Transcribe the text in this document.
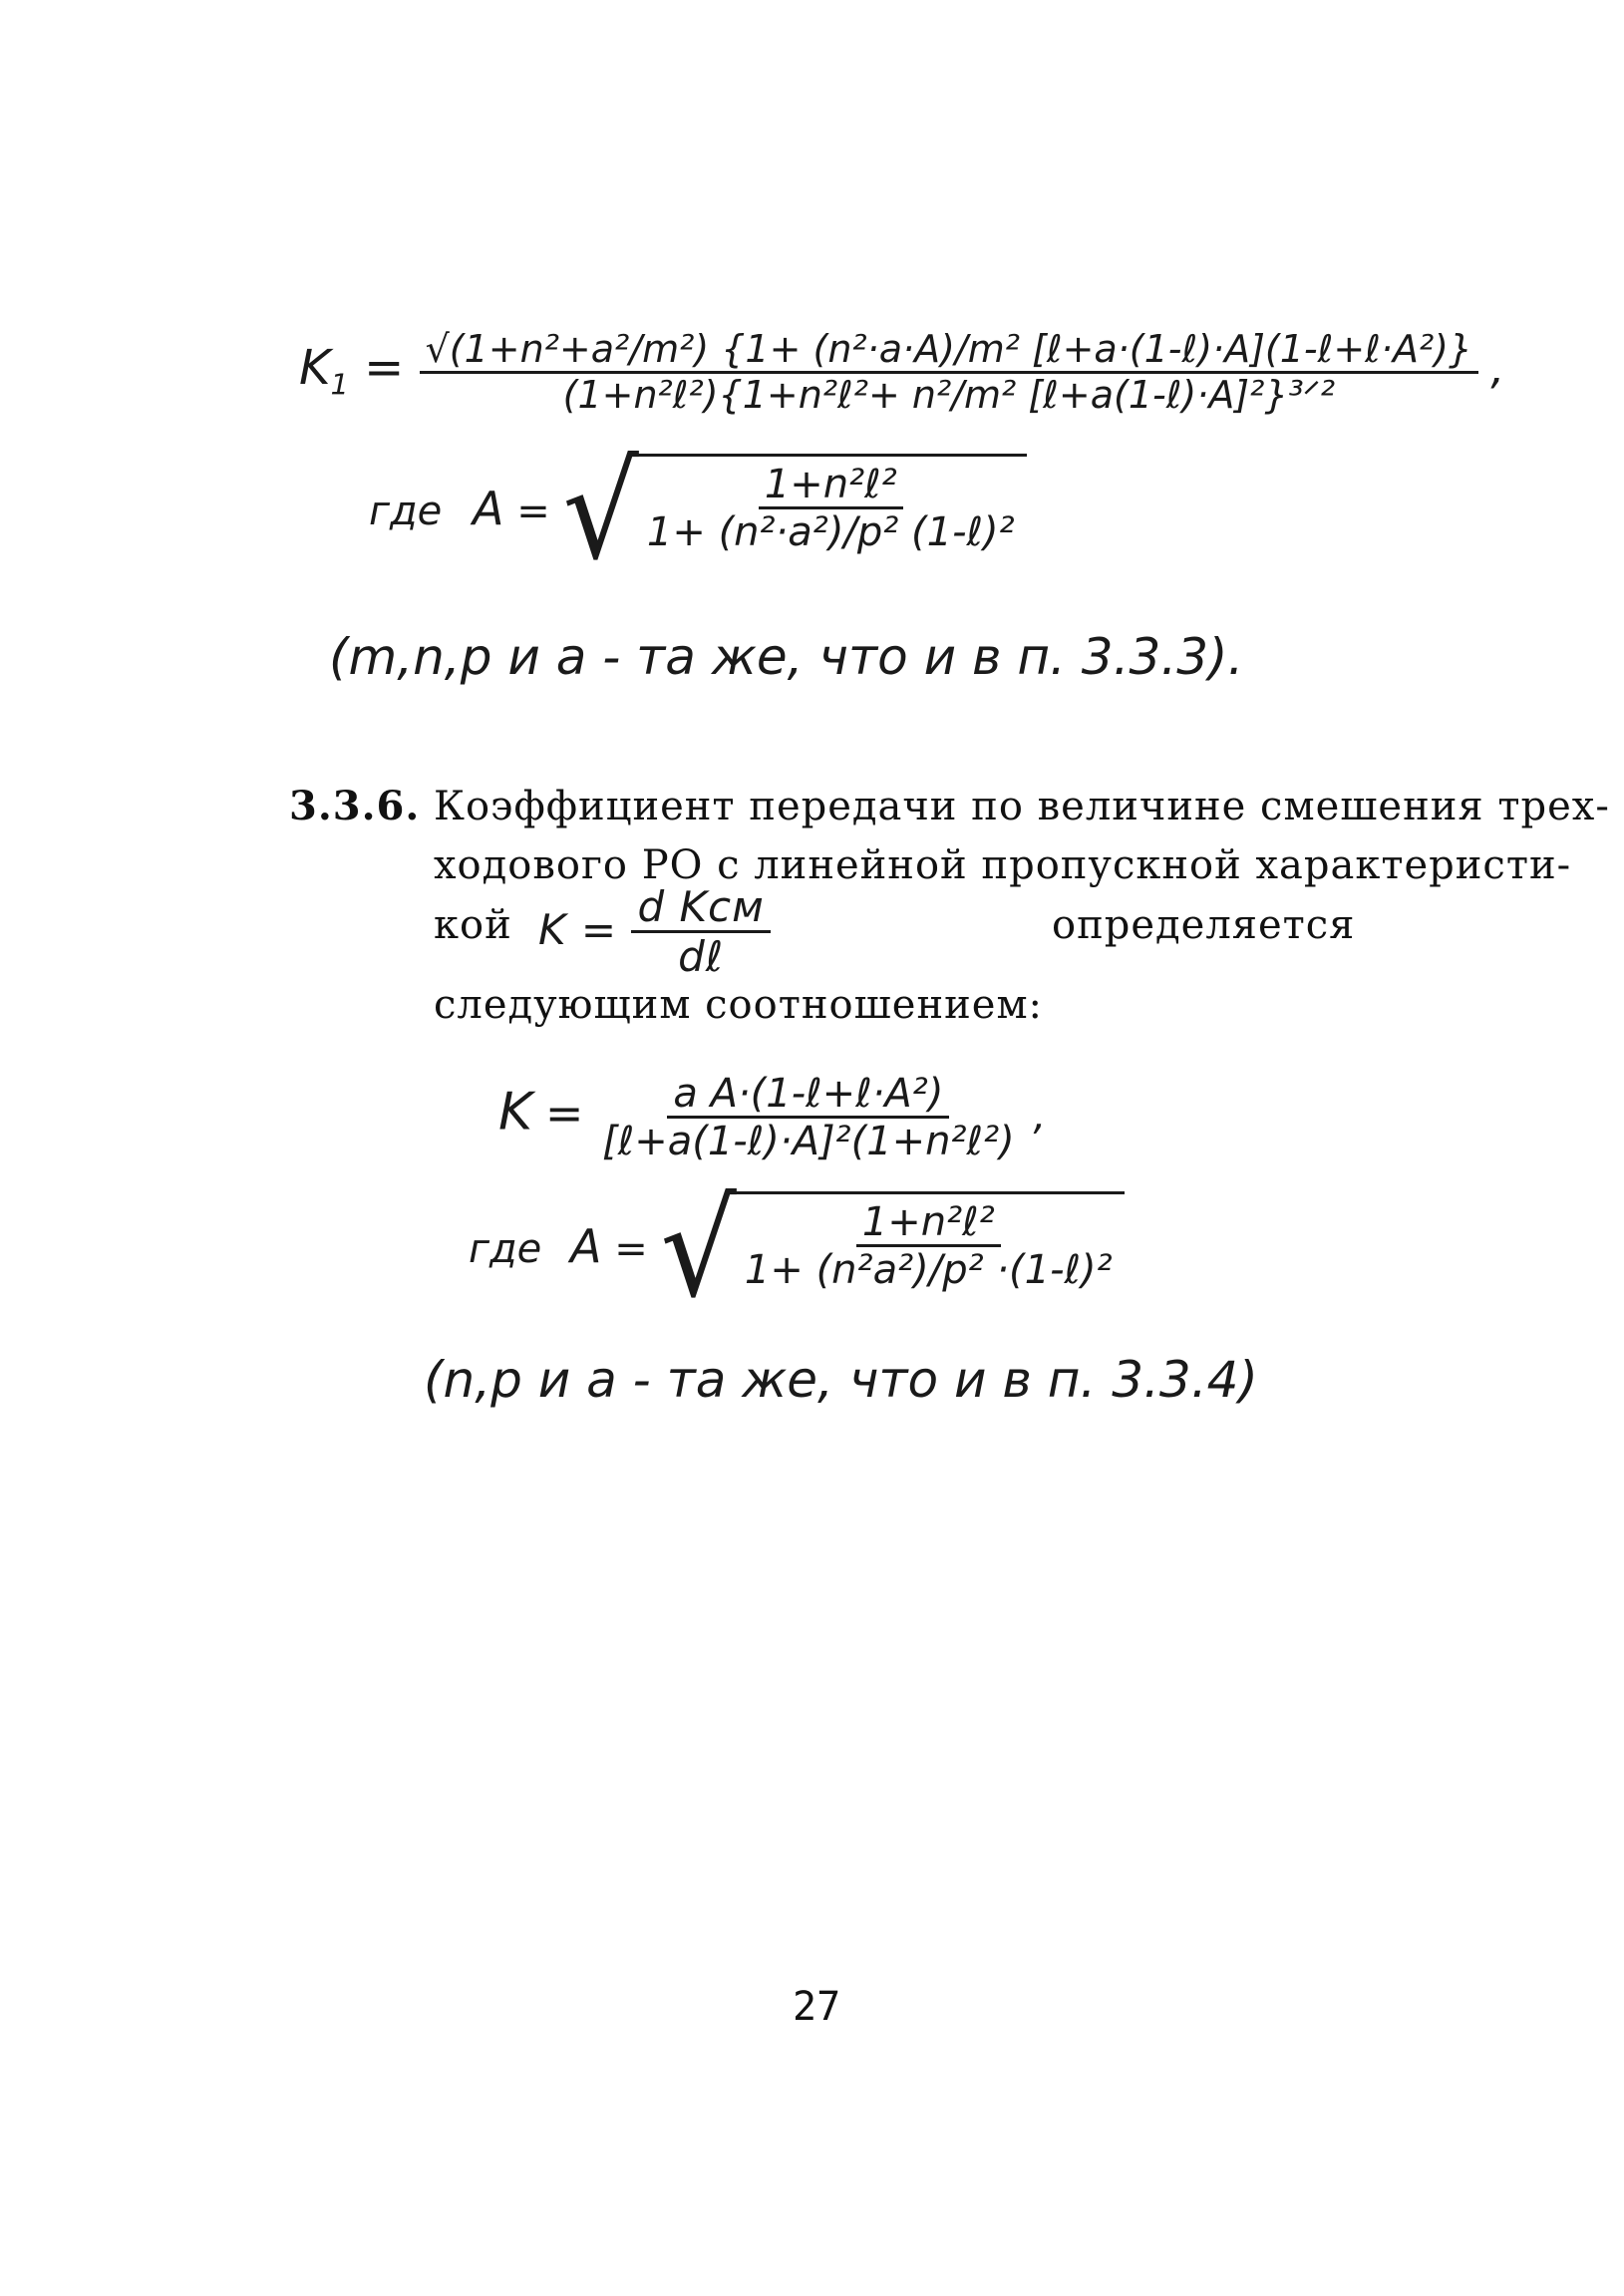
$K_1 = \frac{\text{√(1+n²+a²/m²) \{1+ (n²·a·A)/m² [ℓ+a·(1-ℓ)·A](1-ℓ+ℓ·A²)\}}}{\text{(1+n²ℓ²)\{1+n²ℓ²+ n²/m² [ℓ+a(1-ℓ)·A]²\}³ᐟ²}}$ ,
где A = √ $\frac{\text{1+n²ℓ²}}{\text{1+ (n²·a²)/p² (1-ℓ)²}}$
(m,n,p и a - та же, что и в п. 3.3.3).
3.3.6. Коэффициент передачи по величине смешения трех-
ходового РО с линейной пропускной характеристи-
кой $K = \frac{\text{d Kсм}}{\text{dℓ}}$	определяется
следующим соотношением:
$K = \frac{\text{a A·(1-ℓ+ℓ·A²)}}{\text{[ℓ+a(1-ℓ)·A]²(1+n²ℓ²)}}$ ,
где A = √ $\frac{\text{1+n²ℓ²}}{\text{1+ (n²a²)/p² ·(1-ℓ)²}}$
(n,p и a - та же, что и в п. 3.3.4)
27
